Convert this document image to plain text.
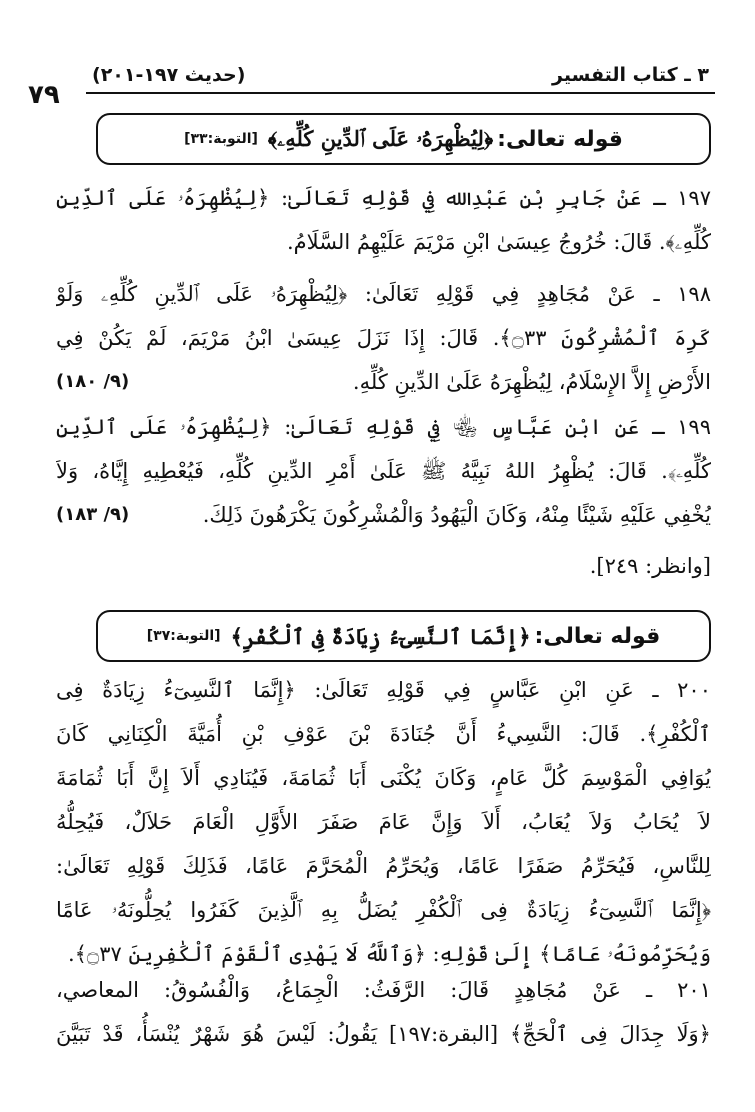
٧٩
٣ ـ كتاب التفسير
(حديث ١٩٧-٢٠١)
قوله تعالى:
﴿لِيُظْهِرَهُۥ عَلَى ٱلدِّينِ كُلِّهِۦ﴾
[التوبة:٣٣]
١٩٧ ـ عَنْ جَابِرِ بْنِ عَبْدِالله فِي قَوْلِهِ تَعَالَىٰ: ﴿لِيُظْهِرَهُۥ عَلَى ٱلدِّينِ
كُلِّهِۦ﴾. قَالَ: خُرُوجُ عِيسَىٰ ابْنِ مَرْيَمَ عَلَيْهِمُ السَّلَامُ.
١٩٨ ـ عَنْ مُجَاهِدٍ فِي قَوْلِهِ تَعَالَىٰ: ﴿لِيُظْهِرَهُۥ عَلَى ٱلدِّينِ كُلِّهِۦ وَلَوْ
كَرِهَ ٱلْمُشْرِكُونَ ۝٣٣﴾. قَالَ: إِذَا نَزَلَ عِيسَىٰ ابْنُ مَرْيَمَ، لَمْ يَكُنْ فِي
(٩/ ١٨٠)	الأَرْضِ إِلاَّ الإِسْلَامُ، لِيُظْهِرَهُ عَلَىٰ الدِّينِ كُلِّهِ.
١٩٩ ـ عَنِ ابْنِ عَبَّاسٍ ﵄ فِي قَوْلِهِ تَعَالَىٰ: ﴿لِيُظْهِرَهُۥ عَلَى ٱلدِّينِ
كُلِّهِۦ﴾. قَالَ: يُظْهِرُ اللهُ نَبِيَّهُ ﷺ عَلَىٰ أَمْرِ الدِّينِ كُلِّهِ، فَيُعْطِيهِ إِيَّاهُ، وَلاَ
(٩/ ١٨٣)	يُخْفِي عَلَيْهِ شَيْئًا مِنْهُ، وَكَانَ الْيَهُودُ وَالْمُشْرِكُونَ يَكْرَهُونَ ذَلِكَ.
[وانظر: ٢٤٩].
قوله تعالى:
﴿إِنَّمَا ٱلنَّسِىٓءُ زِيَادَةٌ فِى ٱلْكُفْرِ﴾
[التوبة:٣٧]
٢٠٠ ـ عَنِ ابْنِ عَبَّاسٍ فِي قَوْلِهِ تَعَالَىٰ: ﴿إِنَّمَا ٱلنَّسِىٓءُ زِيَادَةٌ فِى
ٱلْكُفْرِ﴾. قَالَ: النَّسِيءُ أَنَّ جُنَادَةَ بْنَ عَوْفِ بْنِ أُمَيَّةَ الْكِنَانِي كَانَ
يُوَافِي الْمَوْسِمَ كُلَّ عَامٍ، وَكَانَ يُكْنَى أَبَا ثُمَامَةَ، فَيُنَادِي أَلاَ إِنَّ أَبَا ثُمَامَةَ
لاَ يُحَابُ وَلاَ يُعَابُ، أَلاَ وَإِنَّ عَامَ صَفَرَ الأَوَّلِ الْعَامَ حَلاَلٌ، فَيُحِلُّهُ
لِلنَّاسِ، فَيُحَرِّمُ صَفَرًا عَامًا، وَيُحَرِّمُ الْمُحَرَّمَ عَامًا، فَذَلِكَ قَوْلِهِ تَعَالَىٰ:
﴿إِنَّمَا ٱلنَّسِىٓءُ زِيَادَةٌ فِى ٱلْكُفْرِ يُضَلُّ بِهِ ٱلَّذِينَ كَفَرُوا يُحِلُّونَهُۥ عَامًا
وَيُحَرِّمُونَهُۥ عَامًا﴾ إِلَىٰ قَوْلِهِ: ﴿وَٱللَّهُ لَا يَهْدِى ٱلْقَوْمَ ٱلْكَٰفِرِينَ ۝٣٧﴾.
٢٠١ ـ عَنْ مُجَاهِدٍ قَالَ: الرَّفَثُ: الْجِمَاعُ، وَالْفُسُوقُ: المعاصي،
﴿وَلَا جِدَالَ فِى ٱلْحَجِّ﴾ [البقرة:١٩٧] يَقُولُ: لَيْسَ هُوَ شَهْرٌ يُنْسَأُ، قَدْ تَبَيَّنَ
